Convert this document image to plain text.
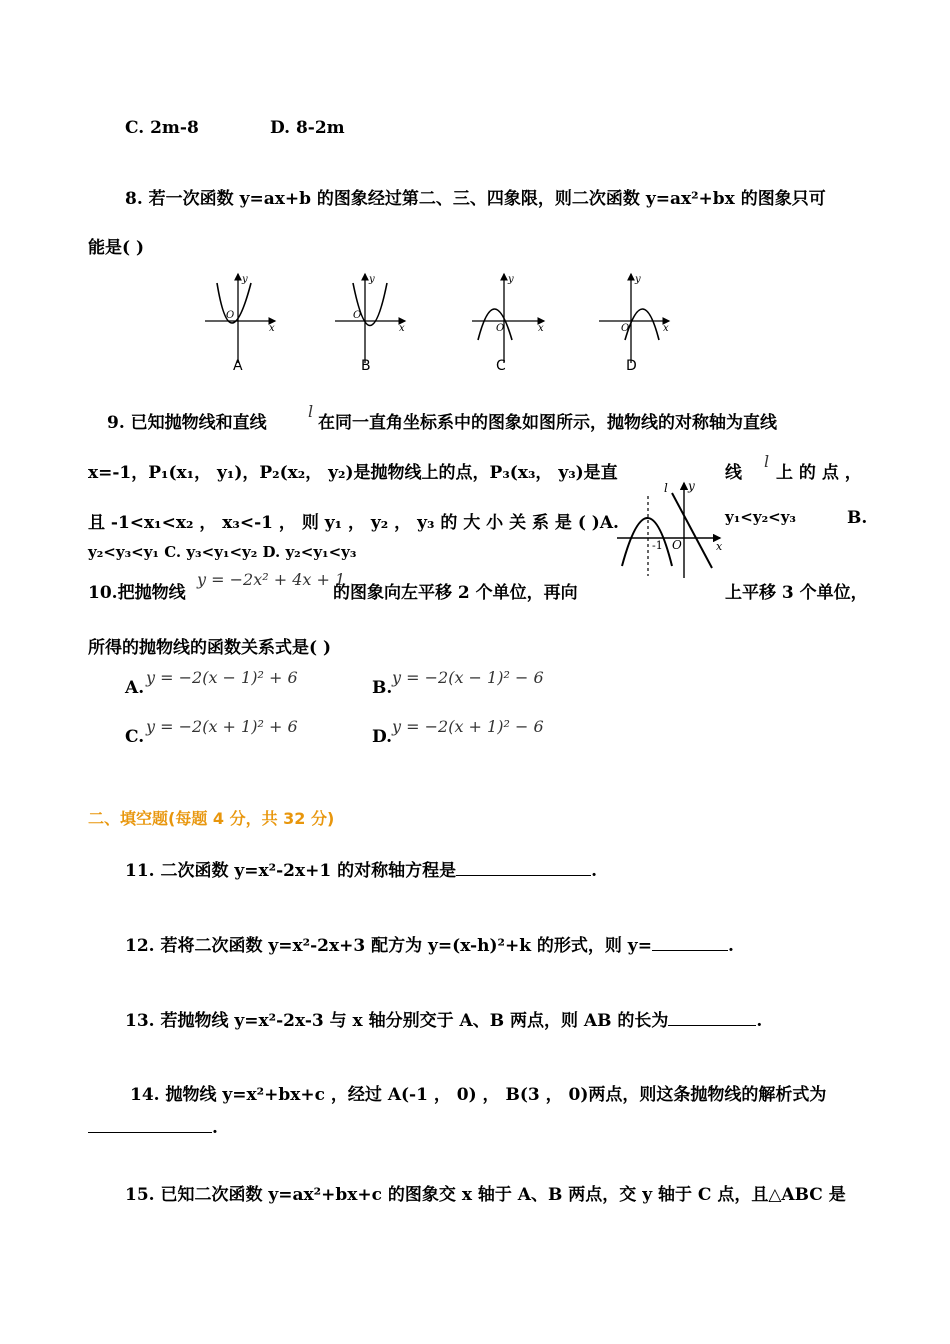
C. 2m-8	D. 8-2m
8. 若一次函数 y=ax+b 的图象经过第二、三、四象限，则二次函数 y=ax²+bx 的图象只可
能是( )
y
x
O
A
y
x
O
B
y
x
O
C
y
x
O
D
9. 已知抛物线和直线
l
在同一直角坐标系中的图象如图所示，抛物线的对称轴为直线
x=-1，P₁(x₁， y₁)，P₂(x₂， y₂)是抛物线上的点，P₃(x₃， y₃)是直	线
l
上 的 点 ，
且 -1<x₁<x₂ ， x₃<-1 ， 则 y₁ ， y₂ ， y₃ 的 大 小 关 系 是 ( )A.	y₁<y₂<y₃	B.
y₂<y₃<y₁ C. y₃<y₁<y₂ D. y₂<y₁<y₃
l y
-1 O	x
10.把抛物线
y = −2x² + 4x + 1
的图象向左平移 2 个单位，再向	上平移 3 个单位，
所得的抛物线的函数关系式是( )
A.
y = −2(x − 1)² + 6
B.
y = −2(x − 1)² − 6
C.
y = −2(x + 1)² + 6
D.
y = −2(x + 1)² − 6
二、填空题(每题 4 分，共 32 分)
11. 二次函数 y=x²-2x+1 的对称轴方程是	.
12. 若将二次函数 y=x²-2x+3 配方为 y=(x-h)²+k 的形式，则 y=	.
13. 若抛物线 y=x²-2x-3 与 x 轴分别交于 A、B 两点，则 AB 的长为	.
14. 抛物线 y=x²+bx+c ，经过 A(-1 ， 0) ， B(3 ， 0)两点，则这条抛物线的解析式为
.
15. 已知二次函数 y=ax²+bx+c 的图象交 x 轴于 A、B 两点，交 y 轴于 C 点，且△ABC 是
